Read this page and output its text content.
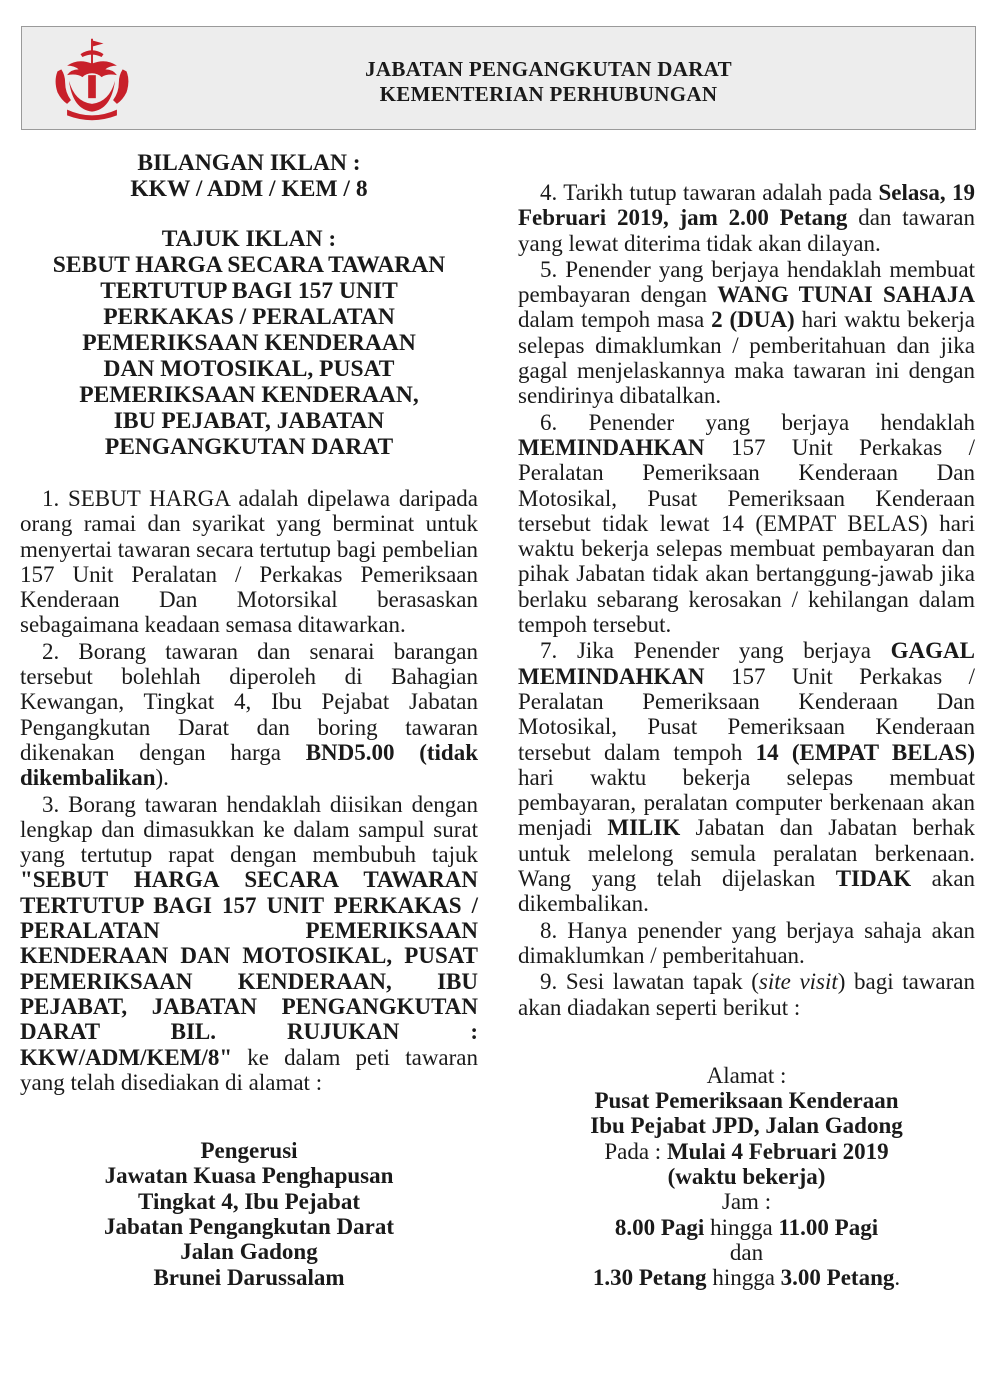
JABATAN PENGANGKUTAN DARAT
KEMENTERIAN PERHUBUNGAN
BILANGAN IKLAN :
KKW / ADM / KEM / 8
TAJUK IKLAN :
SEBUT HARGA SECARA TAWARAN
TERTUTUP BAGI 157 UNIT
PERKAKAS / PERALATAN
PEMERIKSAAN KENDERAAN
DAN MOTOSIKAL, PUSAT
PEMERIKSAAN KENDERAAN,
IBU PEJABAT, JABATAN
PENGANGKUTAN DARAT

1. SEBUT HARGA adalah dipelawa daripada orang ramai dan syarikat yang berminat untuk menyertai tawaran secara tertutup bagi pembelian 157 Unit Peralatan / Perkakas Pemeriksaan Kenderaan Dan Motorsikal berasaskan sebagaimana keadaan semasa ditawarkan.

2. Borang tawaran dan senarai barangan tersebut bolehlah diperoleh di Bahagian Kewangan, Tingkat 4, Ibu Pejabat Jabatan Pengangkutan Darat dan boring tawaran dikenakan dengan harga BND5.00 (tidak dikembalikan).

3. Borang tawaran hendaklah diisikan dengan lengkap dan dimasukkan ke dalam sampul surat yang tertutup rapat dengan membubuh tajuk "SEBUT HARGA SECARA TAWARAN TERTUTUP BAGI 157 UNIT PERKAKAS / PERALATAN PEMERIKSAAN KENDERAAN DAN MOTOSIKAL, PUSAT PEMERIKSAAN KENDERAAN, IBU PEJABAT, JABATAN PENGANGKUTAN DARAT BIL. RUJUKAN : KKW/ADM/KEM/8" ke dalam peti tawaran yang telah disediakan di alamat :

Pengerusi
Jawatan Kuasa Penghapusan
Tingkat 4, Ibu Pejabat
Jabatan Pengangkutan Darat
Jalan Gadong
Brunei Darussalam

4. Tarikh tutup tawaran adalah pada Selasa, 19 Februari 2019, jam 2.00 Petang dan tawaran yang lewat diterima tidak akan dilayan.

5. Penender yang berjaya hendaklah membuat pembayaran dengan WANG TUNAI SAHAJA dalam tempoh masa 2 (DUA) hari waktu bekerja selepas dimaklumkan / pemberitahuan dan jika gagal menjelaskannya maka tawaran ini dengan sendirinya dibatalkan.

6. Penender yang berjaya hendaklah MEMINDAHKAN 157 Unit Perkakas / Peralatan Pemeriksaan Kenderaan Dan Motosikal, Pusat Pemeriksaan Kenderaan tersebut tidak lewat 14 (EMPAT BELAS) hari waktu bekerja selepas membuat pembayaran dan pihak Jabatan tidak akan bertanggung-jawab jika berlaku sebarang kerosakan / kehilangan dalam tempoh tersebut.

7. Jika Penender yang berjaya GAGAL MEMINDAHKAN 157 Unit Perkakas / Peralatan Pemeriksaan Kenderaan Dan Motosikal, Pusat Pemeriksaan Kenderaan tersebut dalam tempoh 14 (EMPAT BELAS) hari waktu bekerja selepas membuat pembayaran, peralatan computer berkenaan akan menjadi MILIK Jabatan dan Jabatan berhak untuk melelong semula peralatan berkenaan. Wang yang telah dijelaskan TIDAK akan dikembalikan.

8. Hanya penender yang berjaya sahaja akan dimaklumkan / pemberitahuan.

9. Sesi lawatan tapak (site visit) bagi tawaran akan diadakan seperti berikut :

Alamat :
Pusat Pemeriksaan Kenderaan
Ibu Pejabat JPD, Jalan Gadong
Pada : Mulai 4 Februari 2019
(waktu bekerja)
Jam :
8.00 Pagi hingga 11.00 Pagi
dan
1.30 Petang hingga 3.00 Petang.
